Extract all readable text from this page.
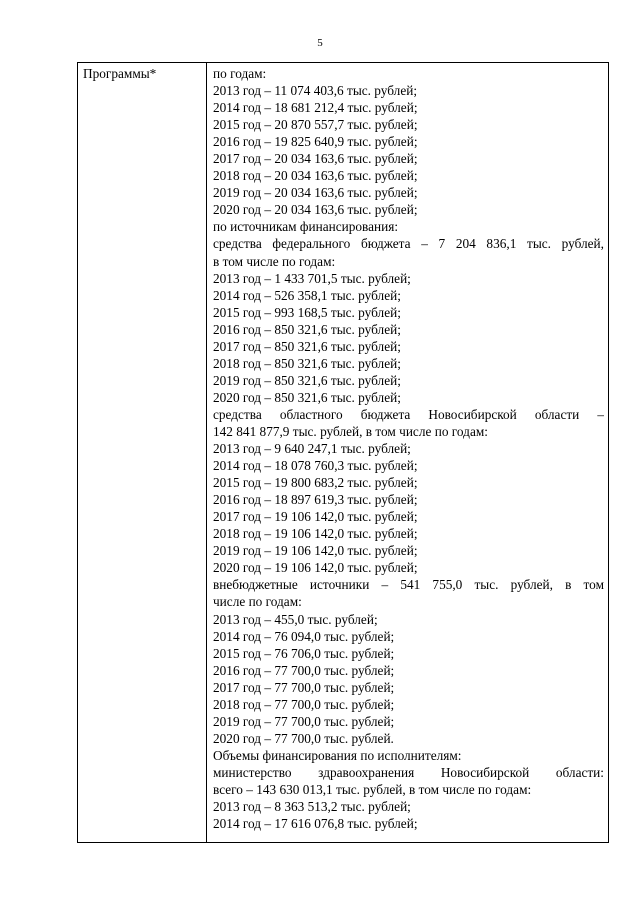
5
Программы*	по годам:
2013 год – 11 074 403,6 тыс. рублей;
2014 год – 18 681 212,4 тыс. рублей;
2015 год – 20 870 557,7 тыс. рублей;
2016 год – 19 825 640,9 тыс. рублей;
2017 год – 20 034 163,6 тыс. рублей;
2018 год – 20 034 163,6 тыс. рублей;
2019 год – 20 034 163,6 тыс. рублей;
2020 год – 20 034 163,6 тыс. рублей;
по источникам финансирования:
средства федерального бюджета – 7 204 836,1 тыс. рублей,
в том числе по годам:
2013 год – 1 433 701,5 тыс. рублей;
2014 год – 526 358,1 тыс. рублей;
2015 год – 993 168,5 тыс. рублей;
2016 год – 850 321,6 тыс. рублей;
2017 год – 850 321,6 тыс. рублей;
2018 год – 850 321,6 тыс. рублей;
2019 год – 850 321,6 тыс. рублей;
2020 год – 850 321,6 тыс. рублей;
средства областного бюджета Новосибирской области –
142 841 877,9 тыс. рублей, в том числе по годам:
2013 год – 9 640 247,1 тыс. рублей;
2014 год – 18 078 760,3 тыс. рублей;
2015 год – 19 800 683,2 тыс. рублей;
2016 год – 18 897 619,3 тыс. рублей;
2017 год – 19 106 142,0 тыс. рублей;
2018 год – 19 106 142,0 тыс. рублей;
2019 год – 19 106 142,0 тыс. рублей;
2020 год – 19 106 142,0 тыс. рублей;
внебюджетные источники – 541 755,0 тыс. рублей, в том
числе по годам:
2013 год – 455,0 тыс. рублей;
2014 год – 76 094,0 тыс. рублей;
2015 год – 76 706,0 тыс. рублей;
2016 год – 77 700,0 тыс. рублей;
2017 год – 77 700,0 тыс. рублей;
2018 год – 77 700,0 тыс. рублей;
2019 год – 77 700,0 тыс. рублей;
2020 год – 77 700,0 тыс. рублей.
Объемы финансирования по исполнителям:
министерство здравоохранения Новосибирской области:
всего – 143 630 013,1 тыс. рублей, в том числе по годам:
2013 год – 8 363 513,2 тыс. рублей;
2014 год – 17 616 076,8 тыс. рублей;
